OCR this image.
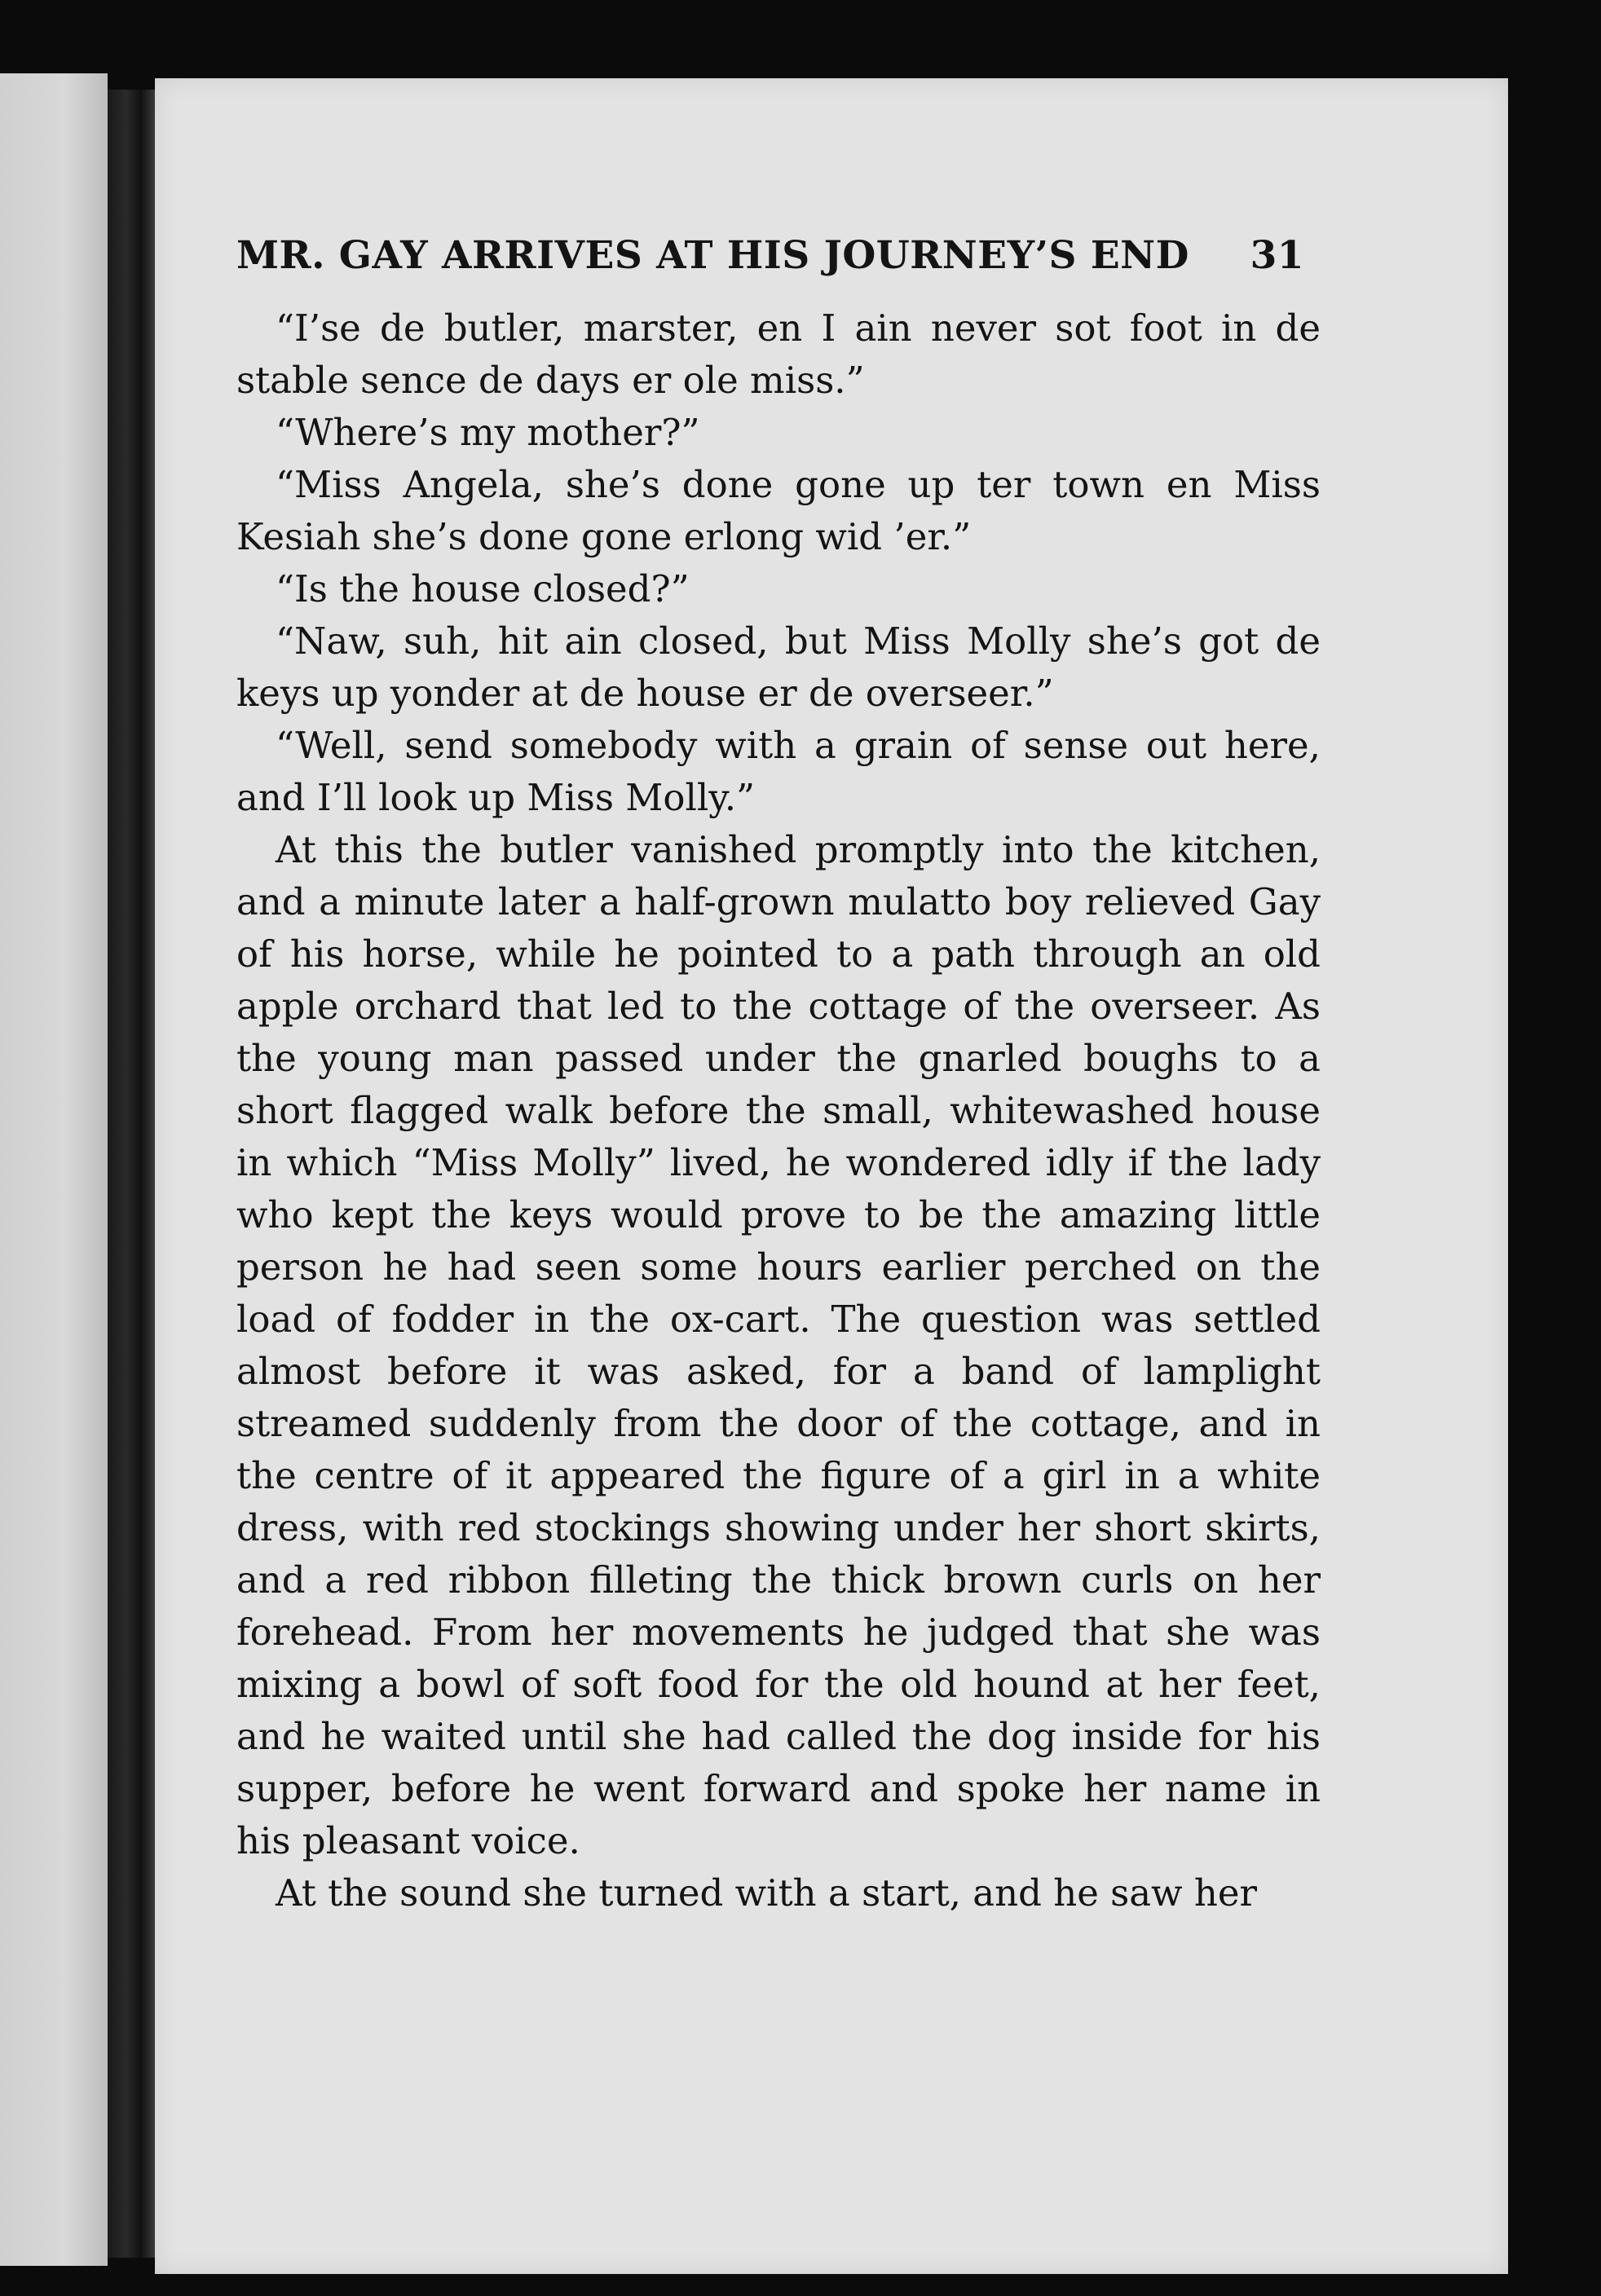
MR. GAY ARRIVES AT HIS JOURNEY’S END 31

“I’se de butler, marster, en I ain never sot foot in de stable sence de days er ole miss.”

“Where’s my mother?”

“Miss Angela, she’s done gone up ter town en Miss Kesiah she’s done gone erlong wid ’er.”

“Is the house closed?”

“Naw, suh, hit ain closed, but Miss Molly she’s got de keys up yonder at de house er de overseer.”

“Well, send somebody with a grain of sense out here, and I’ll look up Miss Molly.”

At this the butler vanished promptly into the kitchen, and a minute later a half-grown mulatto boy relieved Gay of his horse, while he pointed to a path through an old apple orchard that led to the cottage of the overseer. As the young man passed under the gnarled boughs to a short flagged walk before the small, whitewashed house in which “Miss Molly” lived, he wondered idly if the lady who kept the keys would prove to be the amazing little person he had seen some hours earlier perched on the load of fodder in the ox-cart. The question was settled almost before it was asked, for a band of lamplight streamed suddenly from the door of the cottage, and in the centre of it appeared the figure of a girl in a white dress, with red stockings showing under her short skirts, and a red ribbon filleting the thick brown curls on her forehead. From her movements he judged that she was mixing a bowl of soft food for the old hound at her feet, and he waited until she had called the dog inside for his supper, before he went forward and spoke her name in his pleasant voice.

At the sound she turned with a start, and he saw her
